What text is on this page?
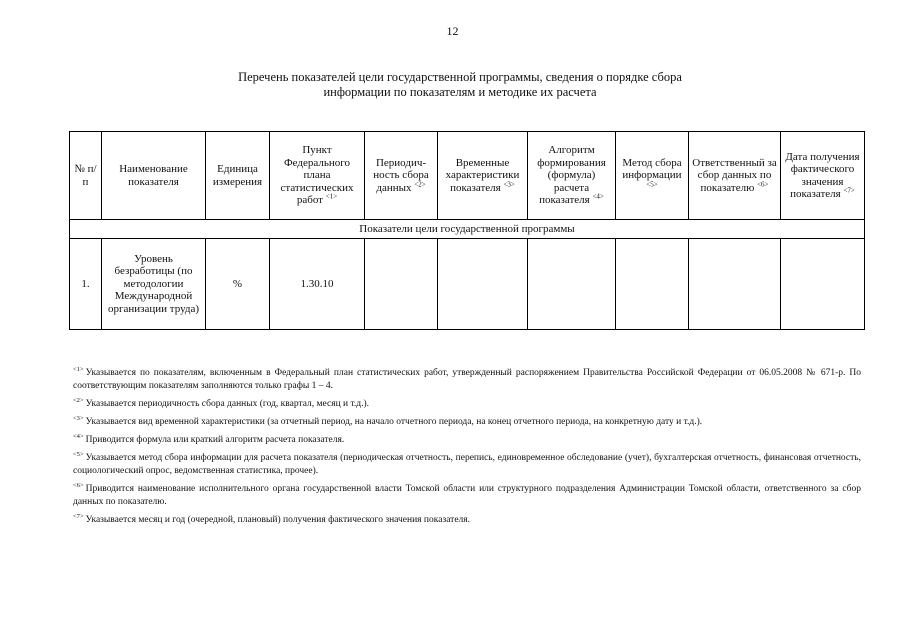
12
Перечень показателей цели государственной программы, сведения о порядке сбора
информации по показателям и методике их расчета
№ п/п	Наименование показателя	Единица измерения	Пункт Федерального плана статистических работ $^{<1>}$	Периодич-ность сбора данных $^{<2>}$	Временные характеристики показателя $^{<3>}$	Алгоритм формирования (формула) расчета показателя $^{<4>}$	Метод сбора информации $^{<5>}$	Ответственный за сбор данных по показателю $^{<6>}$	Дата получения фактического значения показателя $^{<7>}$
Показатели цели государственной программы									
1.	Уровень безработицы (по методологии Международной организации труда)	%	1.30.10						

$^{<1>}$ Указывается по показателям, включенным в Федеральный план статистических работ, утвержденный распоряжением Правительства Российской Федерации от 06.05.2008 № 671-р. По соответствующим показателям заполняются только графы 1 – 4.

$^{<2>}$ Указывается периодичность сбора данных (год, квартал, месяц и т.д.).

$^{<3>}$ Указывается вид временной характеристики (за отчетный период, на начало отчетного периода, на конец отчетного периода, на конкретную дату и т.д.).

$^{<4>}$ Приводится формула или краткий алгоритм расчета показателя.

$^{<5>}$ Указывается метод сбора информации для расчета показателя (периодическая отчетность, перепись, единовременное обследование (учет), бухгалтерская отчетность, финансовая отчетность, социологический опрос, ведомственная статистика, прочее).

$^{<6>}$ Приводится наименование исполнительного органа государственной власти Томской области или структурного подразделения Администрации Томской области, ответственного за сбор данных по показателю.

$^{<7>}$ Указывается месяц и год (очередной, плановый) получения фактического значения показателя.
